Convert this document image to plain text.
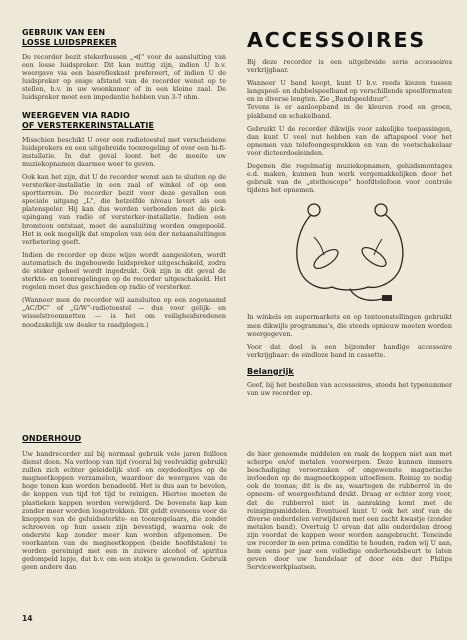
GEBRUIK VAN EEN
LOSSE LUIDSPREKER

De recorder bezit stekerbussen „⊲[" voor de aansluiting van een losse luidspreker. Dit kan nuttig zijn, indien U b.v. weergave via een basreflexkast prefereert, of indien U de luidspreker op enige afstand van de recorder wenst op te stellen, b.v. in uw woonkamer of in een kleine zaal. De luidspreker moet een impedantie hebben van 3-7 ohm.

WEERGEVEN VIA RADIO
OF VERSTERKERINSTALLATIE

Misschien beschikt U over een radiotoestel met verscheidene luidsprekers en een uitgebreide toonregeling of over een hi-fi-installatie. In dat geval loont het de moeite uw muziekopnamen daarmee weer te geven.

Ook kan het zijn, dat U de recorder wenst aan te sluiten op de versterker-installatie in een zaal of winkel of op een sportterrein. De recorder bezit voor deze gevallen een speciale uitgang „L", die hetzelfde niveau levert als een platenspeler. Hij kan dus worden verbonden met de pick-upingang van radio of versterker-installatie. Indien een bromtoon ontstaat, moet de aansluiting worden omgepoold. Het is ook mogelijk dat ompolen van één der netaansluitingen verbetering geeft.

Indien de recorder op deze wijze wordt aangesloten, wordt automatisch de ingebouwde luidspreker uitgeschakeld, zodra de steker geheel wordt ingedrukt. Ook zijn in dit geval de sterkte- en toonregelingen op de recorder uitgeschakeld. Het regelen moet dus geschieden op radio of versterker.

(Wanneer men de recorder wil aansluiten op een zogenaamd „AC/DC" of „G/W"-radiotoestel — dus voor gelijk- en wisselstroomnetten — is het om veiligheidsredenen noodzakelijk uw dealer te raadplegen.)

ACCESSOIRES

Bij deze recorder is een uitgebreide serie accessoires verkrijgbaar.

Wanneer U band koopt, kunt U b.v. reeds kiezen tussen langspeel- en dubbelspeelband op verschillende spoelformaten en in diverse lengten. Zie „Bandspeelduur".

Tevens is er aanloopband in de kleuren rood en groen, plakband en schakelband.

Gebruikt U de recorder dikwijls voor zakelijke toepassingen, dan kunt U veel nut hebben van de aftapspoel voor het opnemen van telefoongesprekken en van de voetschakelaar voor dicteerdoeleinden.

Degenen die regelmatig muziekopnamen, geluidsmontages e.d. maken, kunnen hun werk vergemakkelijken door het gebruik van de „stethoscope" hoofdtelefoon voor controle tijdens het opnemen.

In winkels en supermarkets en op tentoonstellingen gebruikt men dikwijls programma's, die steeds opnieuw moeten worden weergegeven.

Voor dat doel is een bijzonder handige accessoire verkrijgbaar: de eindloze band in cassette.

Belangrijk

Geef, bij het bestellen van accessoires, steeds het typenummer van uw recorder op.

ONDERHOUD

Uw bandrecorder zal bij normaal gebruik vele jaren feilloos dienst doen. Na verloop van tijd (vooral bij veelvuldig gebruik) zullen zich echter geleidelijk stof- en oxydedeeltjes op de magneetkoppen verzamelen, waardoor de weergave van de hoge tonen kan worden benadeeld. Het is dus aan te bevelen, de koppen van tijd tot tijd te reinigen. Hiertoe moeten de plastieken kappen worden verwijderd. De bovenste kap kan zonder meer worden losgetrokken. Dit geldt eveneens voor de knoppen van de geluidssterkte- en toonregelaars, die zonder schroeven op hun assen zijn bevestigd, waarna ook de onderste kap zonder meer kan worden afgenomen. De voorkanten van de magneetkoppen (beide hoofdstalen) te worden gereinigd met een in zuivere alcohol of spiritus gedompeld lapje, dat b.v. om een stokje is gewonden. Gebruik geen andere dan

de hier genoemde middelen en raak de koppen niet aan met scherpe en/of metalen voorwerpen. Deze kunnen immers beschadiging veroorzaken of ongewenste magnetische invloeden op de magneetkoppen uitoefenen. Reinig zo nodig ook de toonas; dit is de as, waartegen de rubberrol in de opneem- of weergeefstand drukt. Draag er echter zorg voor, dat de rubberrol niet in aanraking komt met de reinigingsmiddelen. Eventueel kunt U ook het stof van de diverse onderdelen verwijderen met een zacht kwastje (zonder metalen band). Overtuig U ervan dat alle onderdelen droog zijn voordat de kappen weer worden aangebracht. Teneinde uw recorder in een prima conditie te houden, raden wij U aan, hem eens per jaar een volledige onderhoudsbeurt te laten geven door uw handelaar of door één der Philips Servicewerkplaatsen.

14
